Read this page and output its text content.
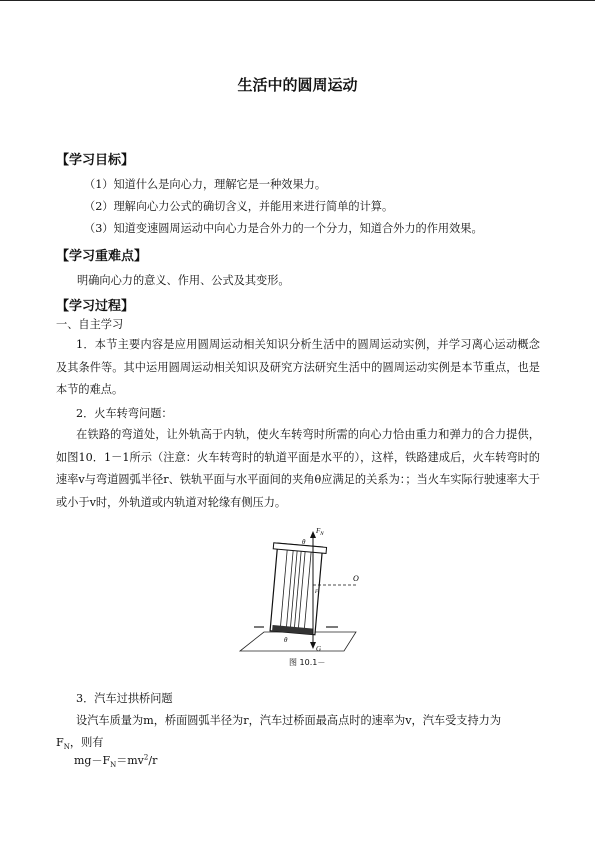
生活中的圆周运动
【学习目标】
（1）知道什么是向心力，理解它是一种效果力。
（2）理解向心力公式的确切含义，并能用来进行简单的计算。
（3）知道变速圆周运动中向心力是合外力的一个分力，知道合外力的作用效果。
【学习重难点】
明确向心力的意义、作用、公式及其变形。
【学习过程】
一、自主学习
1．本节主要内容是应用圆周运动相关知识分析生活中的圆周运动实例，并学习离心运动概念及其条件等。其中运用圆周运动相关知识及研究方法研究生活中的圆周运动实例是本节重点，也是本节的难点。
2．火车转弯问题：
在铁路的弯道处，让外轨高于内轨，使火车转弯时所需的向心力恰由重力和弹力的合力提供，如图10．1－1所示（注意：火车转弯时的轨道平面是水平的），这样，铁路建成后，火车转弯时的速率v与弯道圆弧半径r、铁轨平面与水平面间的夹角θ应满足的关系为：；当火车实际行驶速率大于或小于v时，外轨道或内轨道对轮缘有侧压力。
$F_N$
O
G
F
θ
θ
图 10.1－
3．汽车过拱桥问题
设汽车质量为m，桥面圆弧半径为r，汽车过桥面最高点时的速率为v，汽车受支持力为
$F_N$，则有
$mg-F_N=mv^2/r$
